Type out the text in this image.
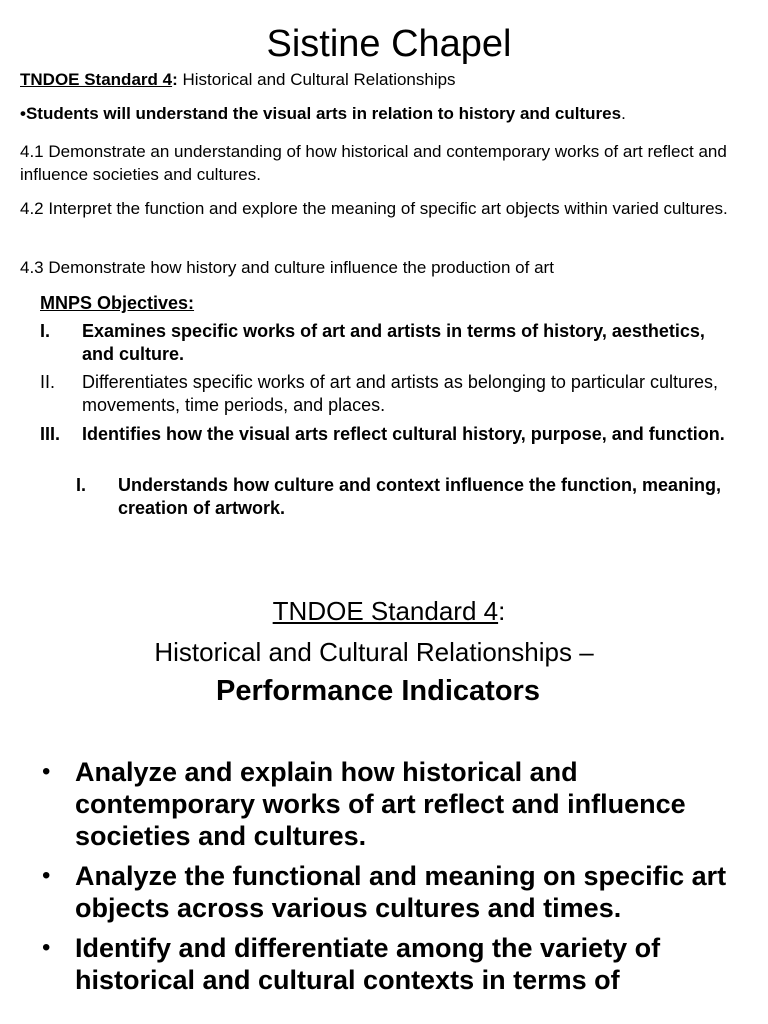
Sistine Chapel
TNDOE Standard 4: Historical and Cultural Relationships
•Students will understand the visual arts in relation to history and cultures.
4.1 Demonstrate an understanding of how historical and contemporary works of art reflect and influence societies and cultures.
4.2 Interpret the function and explore the meaning of specific art objects within varied cultures.
4.3 Demonstrate how history and culture influence the production of art
MNPS Objectives:
I.	Examines specific works of art and artists in terms of history, aesthetics, and culture.
II.	Differentiates specific works of art and artists as belonging to particular cultures, movements, time periods, and places.
III.	Identifies how the visual arts reflect cultural history, purpose, and function.
I.	Understands how culture and context influence the function, meaning, creation of artwork.
TNDOE Standard 4:
Historical and Cultural Relationships –
Performance Indicators
• Analyze and explain how historical and contemporary works of art reflect and influence societies and cultures.
• Analyze the functional and meaning on specific art objects across various cultures and times.
• Identify and differentiate among the variety of historical and cultural contexts in terms of
